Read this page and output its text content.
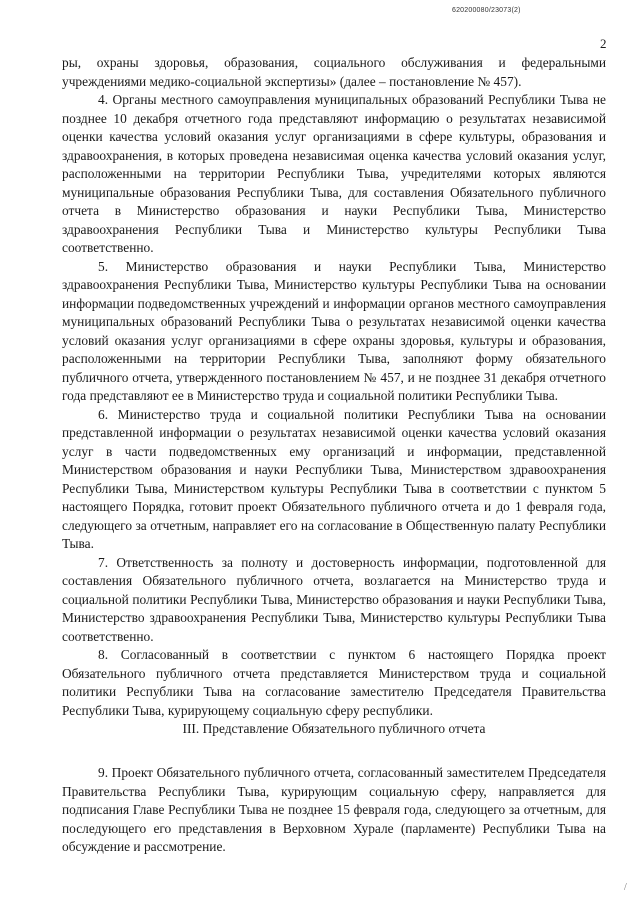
620200080/23073(2)
2

ры, охраны здоровья, образования, социального обслуживания и федеральными учреждениями медико-социальной экспертизы» (далее – постановление № 457).

4. Органы местного самоуправления муниципальных образований Республики Тыва не позднее 10 декабря отчетного года представляют информацию о результатах независимой оценки качества условий оказания услуг организациями в сфере культуры, образования и здравоохранения, в которых проведена независимая оценка качества условий оказания услуг, расположенными на территории Республики Тыва, учредителями которых являются муниципальные образования Республики Тыва, для составления Обязательного публичного отчета в Министерство образования и науки Республики Тыва, Министерство здравоохранения Республики Тыва и Министерство культуры Республики Тыва соответственно.

5. Министерство образования и науки Республики Тыва, Министерство здравоохранения Республики Тыва, Министерство культуры Республики Тыва на основании информации подведомственных учреждений и информации органов местного самоуправления муниципальных образований Республики Тыва о результатах независимой оценки качества условий оказания услуг организациями в сфере охраны здоровья, культуры и образования, расположенными на территории Республики Тыва, заполняют форму обязательного публичного отчета, утвержденного постановлением № 457, и не позднее 31 декабря отчетного года представляют ее в Министерство труда и социальной политики Республики Тыва.

6. Министерство труда и социальной политики Республики Тыва на основании представленной информации о результатах независимой оценки качества условий оказания услуг в части подведомственных ему организаций и информации, представленной Министерством образования и науки Республики Тыва, Министерством здравоохранения Республики Тыва, Министерством культуры Республики Тыва в соответствии с пунктом 5 настоящего Порядка, готовит проект Обязательного публичного отчета и до 1 февраля года, следующего за отчетным, направляет его на согласование в Общественную палату Республики Тыва.

7. Ответственность за полноту и достоверность информации, подготовленной для составления Обязательного публичного отчета, возлагается на Министерство труда и социальной политики Республики Тыва, Министерство образования и науки Республики Тыва, Министерство здравоохранения Республики Тыва, Министерство культуры Республики Тыва соответственно.

8. Согласованный в соответствии с пунктом 6 настоящего Порядка проект Обязательного публичного отчета представляется Министерством труда и социальной политики Республики Тыва на согласование заместителю Председателя Правительства Республики Тыва, курирующему социальную сферу республики.

III. Представление Обязательного публичного отчета

9. Проект Обязательного публичного отчета, согласованный заместителем Председателя Правительства Республики Тыва, курирующим социальную сферу, направляется для подписания Главе Республики Тыва не позднее 15 февраля года, следующего за отчетным, для последующего его представления в Верховном Хурале (парламенте) Республики Тыва на обсуждение и рассмотрение.

/
